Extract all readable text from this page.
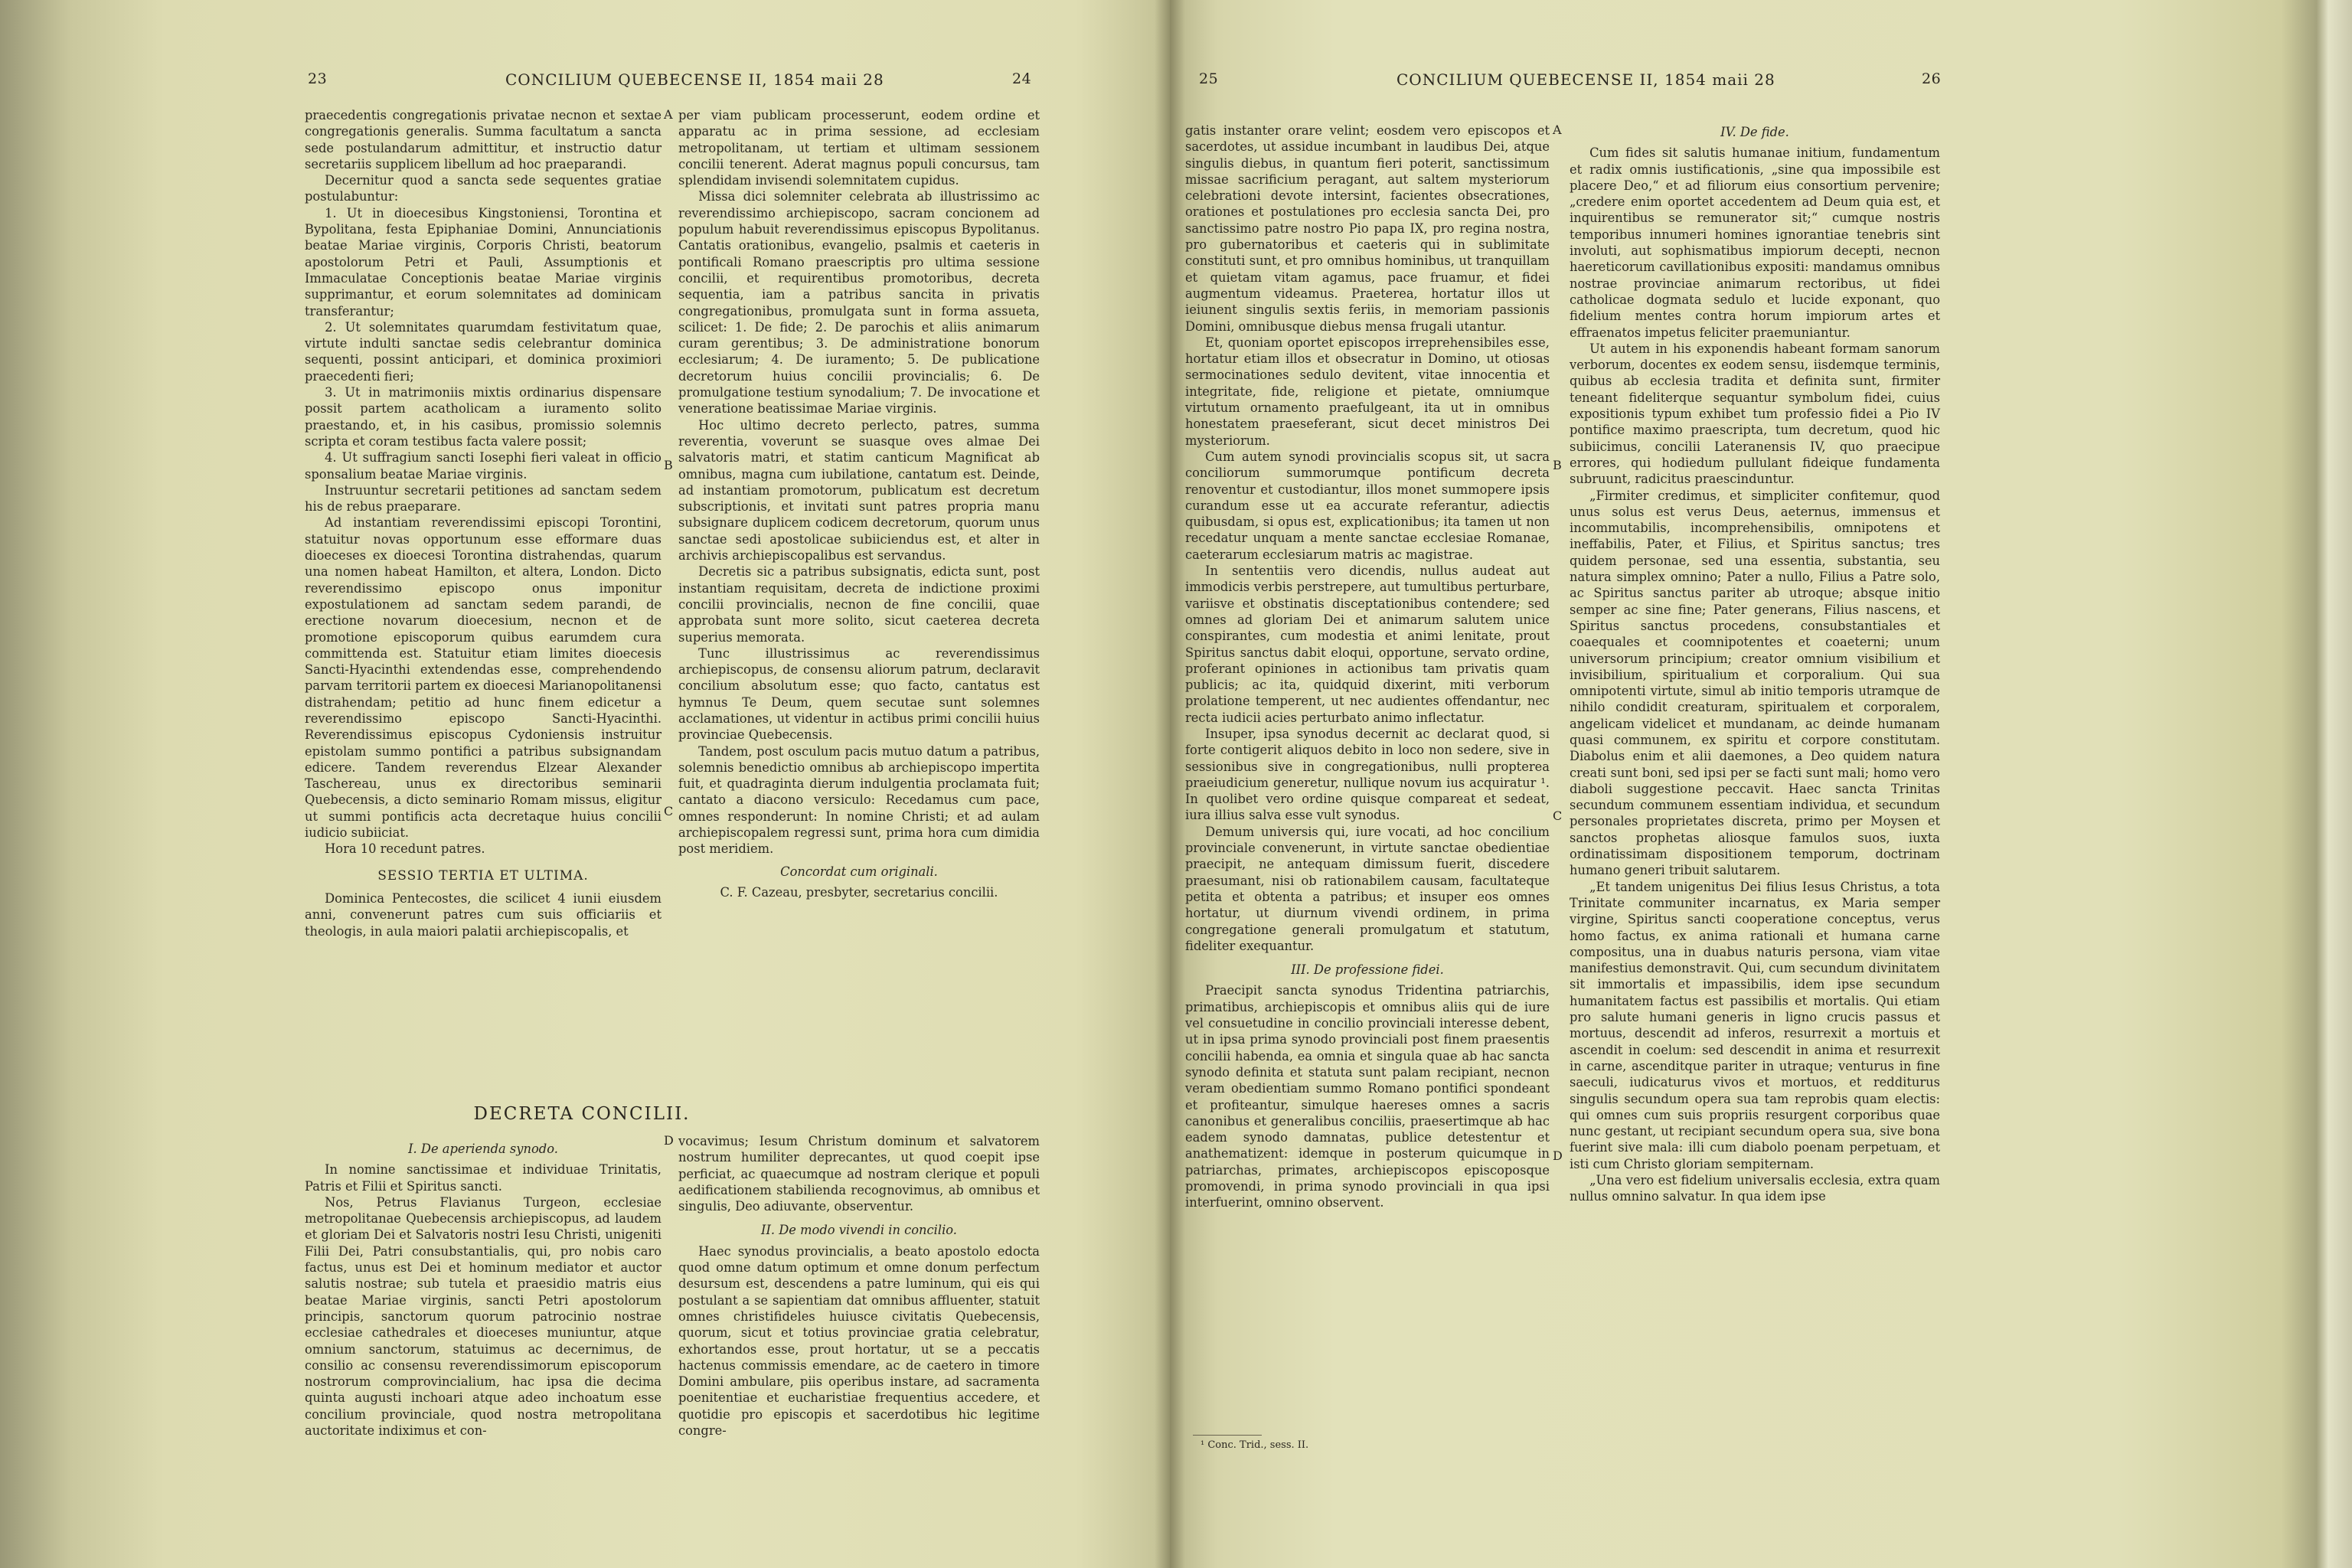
23	CONCILIUM QUEBECENSE II, 1854 maii 28	24

praecedentis congregationis privatae necnon et sextae congregationis generalis. Summa facultatum a sancta sede postulandarum admittitur, et instructio datur secretariis supplicem libellum ad hoc praeparandi.

Decernitur quod a sancta sede sequentes gratiae postulabuntur:

1. Ut in dioecesibus Kingstoniensi, Torontina et Bypolitana, festa Epiphaniae Domini, Annunciationis beatae Mariae virginis, Corporis Christi, beatorum apostolorum Petri et Pauli, Assumptionis et Immaculatae Conceptionis beatae Mariae virginis supprimantur, et eorum solemnitates ad dominicam transferantur;

2. Ut solemnitates quarumdam festivitatum quae, virtute indulti sanctae sedis celebrantur dominica sequenti, possint anticipari, et dominica proximiori praecedenti fieri;

3. Ut in matrimoniis mixtis ordinarius dispensare possit partem acatholicam a iuramento solito praestando, et, in his casibus, promissio solemnis scripta et coram testibus facta valere possit;

4. Ut suffragium sancti Iosephi fieri valeat in officio sponsalium beatae Mariae virginis.

Instruuntur secretarii petitiones ad sanctam sedem his de rebus praeparare.

Ad instantiam reverendissimi episcopi Torontini, statuitur novas opportunum esse efformare duas dioeceses ex dioecesi Torontina distrahendas, quarum una nomen habeat Hamilton, et altera, London. Dicto reverendissimo episcopo onus imponitur expostulationem ad sanctam sedem parandi, de erectione novarum dioecesium, necnon et de promotione episcoporum quibus earumdem cura committenda est. Statuitur etiam limites dioecesis Sancti-Hyacinthi extendendas esse, comprehendendo parvam territorii partem ex dioecesi Marianopolitanensi distrahendam; petitio ad hunc finem edicetur a reverendissimo episcopo Sancti-Hyacinthi. Reverendissimus episcopus Cydoniensis instruitur epistolam summo pontifici a patribus subsignandam edicere. Tandem reverendus Elzear Alexander Taschereau, unus ex directoribus seminarii Quebecensis, a dicto seminario Romam missus, eligitur ut summi pontificis acta decretaque huius concilii iudicio subiiciat.

Hora 10 recedunt patres.

SESSIO TERTIA ET ULTIMA.

Dominica Pentecostes, die scilicet 4 iunii eiusdem anni, convenerunt patres cum suis officiariis et theologis, in aula maiori palatii archiepiscopalis, et

per viam publicam processerunt, eodem ordine et apparatu ac in prima sessione, ad ecclesiam metropolitanam, ut tertiam et ultimam sessionem concilii tenerent. Aderat magnus populi concursus, tam splendidam invisendi solemnitatem cupidus.

Missa dici solemniter celebrata ab illustrissimo ac reverendissimo archiepiscopo, sacram concionem ad populum habuit reverendissimus episcopus Bypolitanus. Cantatis orationibus, evangelio, psalmis et caeteris in pontificali Romano praescriptis pro ultima sessione concilii, et requirentibus promotoribus, decreta sequentia, iam a patribus sancita in privatis congregationibus, promulgata sunt in forma assueta, scilicet: 1. De fide; 2. De parochis et aliis animarum curam gerentibus; 3. De administratione bonorum ecclesiarum; 4. De iuramento; 5. De publicatione decretorum huius concilii provincialis; 6. De promulgatione testium synodalium; 7. De invocatione et veneratione beatissimae Mariae virginis.

Hoc ultimo decreto perlecto, patres, summa reverentia, voverunt se suasque oves almae Dei salvatoris matri, et statim canticum Magnificat ab omnibus, magna cum iubilatione, cantatum est. Deinde, ad instantiam promotorum, publicatum est decretum subscriptionis, et invitati sunt patres propria manu subsignare duplicem codicem decretorum, quorum unus sanctae sedi apostolicae subiiciendus est, et alter in archivis archiepiscopalibus est servandus.

Decretis sic a patribus subsignatis, edicta sunt, post instantiam requisitam, decreta de indictione proximi concilii provincialis, necnon de fine concilii, quae approbata sunt more solito, sicut caeterea decreta superius memorata.

Tunc illustrissimus ac reverendissimus archiepiscopus, de consensu aliorum patrum, declaravit concilium absolutum esse; quo facto, cantatus est hymnus Te Deum, quem secutae sunt solemnes acclamationes, ut videntur in actibus primi concilii huius provinciae Quebecensis.

Tandem, post osculum pacis mutuo datum a patribus, solemnis benedictio omnibus ab archiepiscopo impertita fuit, et quadraginta dierum indulgentia proclamata fuit; cantato a diacono versiculo: Recedamus cum pace, omnes responderunt: In nomine Christi; et ad aulam archiepiscopalem regressi sunt, prima hora cum dimidia post meridiem.

Concordat cum originali.

C. F. Cazeau, presbyter, secretarius concilii.

DECRETA CONCILII.
I. De aperienda synodo.

In nomine sanctissimae et individuae Trinitatis, Patris et Filii et Spiritus sancti.

Nos, Petrus Flavianus Turgeon, ecclesiae metropolitanae Quebecensis archiepiscopus, ad laudem et gloriam Dei et Salvatoris nostri Iesu Christi, unigeniti Filii Dei, Patri consubstantialis, qui, pro nobis caro factus, unus est Dei et hominum mediator et auctor salutis nostrae; sub tutela et praesidio matris eius beatae Mariae virginis, sancti Petri apostolorum principis, sanctorum quorum patrocinio nostrae ecclesiae cathedrales et dioeceses muniuntur, atque omnium sanctorum, statuimus ac decernimus, de consilio ac consensu reverendissimorum episcoporum nostrorum comprovincialium, hac ipsa die decima quinta augusti inchoari atque adeo inchoatum esse concilium provinciale, quod nostra metropolitana auctoritate indiximus et con-

vocavimus; Iesum Christum dominum et salvatorem nostrum humiliter deprecantes, ut quod coepit ipse perficiat, ac quaecumque ad nostram clerique et populi aedificationem stabilienda recognovimus, ab omnibus et singulis, Deo adiuvante, observentur.

II. De modo vivendi in concilio.

Haec synodus provincialis, a beato apostolo edocta quod omne datum optimum et omne donum perfectum desursum est, descendens a patre luminum, qui eis qui postulant a se sapientiam dat omnibus affluenter, statuit omnes christifideles huiusce civitatis Quebecensis, quorum, sicut et totius provinciae gratia celebratur, exhortandos esse, prout hortatur, ut se a peccatis hactenus commissis emendare, ac de caetero in timore Domini ambulare, piis operibus instare, ad sacramenta poenitentiae et eucharistiae frequentius accedere, et quotidie pro episcopis et sacerdotibus hic legitime congre-

A
B
C
D
25	CONCILIUM QUEBECENSE II, 1854 maii 28	26

gatis instanter orare velint; eosdem vero episcopos et sacerdotes, ut assidue incumbant in laudibus Dei, atque singulis diebus, in quantum fieri poterit, sanctissimum missae sacrificium peragant, aut saltem mysteriorum celebrationi devote intersint, facientes obsecrationes, orationes et postulationes pro ecclesia sancta Dei, pro sanctissimo patre nostro Pio papa IX, pro regina nostra, pro gubernatoribus et caeteris qui in sublimitate constituti sunt, et pro omnibus hominibus, ut tranquillam et quietam vitam agamus, pace fruamur, et fidei augmentum videamus. Praeterea, hortatur illos ut ieiunent singulis sextis feriis, in memoriam passionis Domini, omnibusque diebus mensa frugali utantur.

Et, quoniam oportet episcopos irreprehensibiles esse, hortatur etiam illos et obsecratur in Domino, ut otiosas sermocinationes sedulo devitent, vitae innocentia et integritate, fide, religione et pietate, omniumque virtutum ornamento praefulgeant, ita ut in omnibus honestatem praeseferant, sicut decet ministros Dei mysteriorum.

Cum autem synodi provincialis scopus sit, ut sacra conciliorum summorumque pontificum decreta renoventur et custodiantur, illos monet summopere ipsis curandum esse ut ea accurate referantur, adiectis quibusdam, si opus est, explicationibus; ita tamen ut non recedatur unquam a mente sanctae ecclesiae Romanae, caeterarum ecclesiarum matris ac magistrae.

In sententiis vero dicendis, nullus audeat aut immodicis verbis perstrepere, aut tumultibus perturbare, variisve et obstinatis disceptationibus contendere; sed omnes ad gloriam Dei et animarum salutem unice conspirantes, cum modestia et animi lenitate, prout Spiritus sanctus dabit eloqui, opportune, servato ordine, proferant opiniones in actionibus tam privatis quam publicis; ac ita, quidquid dixerint, miti verborum prolatione temperent, ut nec audientes offendantur, nec recta iudicii acies perturbato animo inflectatur.

Insuper, ipsa synodus decernit ac declarat quod, si forte contigerit aliquos debito in loco non sedere, sive in sessionibus sive in congregationibus, nulli propterea praeiudicium generetur, nullique novum ius acquiratur ¹. In quolibet vero ordine quisque compareat et sedeat, iura illius salva esse vult synodus.

Demum universis qui, iure vocati, ad hoc concilium provinciale convenerunt, in virtute sanctae obedientiae praecipit, ne antequam dimissum fuerit, discedere praesumant, nisi ob rationabilem causam, facultateque petita et obtenta a patribus; et insuper eos omnes hortatur, ut diurnum vivendi ordinem, in prima congregatione generali promulgatum et statutum, fideliter exequantur.

III. De professione fidei.

Praecipit sancta synodus Tridentina patriarchis, primatibus, archiepiscopis et omnibus aliis qui de iure vel consuetudine in concilio provinciali interesse debent, ut in ipsa prima synodo provinciali post finem praesentis concilii habenda, ea omnia et singula quae ab hac sancta synodo definita et statuta sunt palam recipiant, necnon veram obedientiam summo Romano pontifici spondeant et profiteantur, simulque haereses omnes a sacris canonibus et generalibus conciliis, praesertimque ab hac eadem synodo damnatas, publice detestentur et anathematizent: idemque in posterum quicumque in patriarchas, primates, archiepiscopos episcoposque promovendi, in prima synodo provinciali in qua ipsi interfuerint, omnino observent.

¹ Conc. Trid., sess. II.
IV. De fide.

Cum fides sit salutis humanae initium, fundamentum et radix omnis iustificationis, „sine qua impossibile est placere Deo,“ et ad filiorum eius consortium pervenire; „credere enim oportet accedentem ad Deum quia est, et inquirentibus se remunerator sit;“ cumque nostris temporibus innumeri homines ignorantiae tenebris sint involuti, aut sophismatibus impiorum decepti, necnon haereticorum cavillationibus expositi: mandamus omnibus nostrae provinciae animarum rectoribus, ut fidei catholicae dogmata sedulo et lucide exponant, quo fidelium mentes contra horum impiorum artes et effraenatos impetus feliciter praemuniantur.

Ut autem in his exponendis habeant formam sanorum verborum, docentes ex eodem sensu, iisdemque terminis, quibus ab ecclesia tradita et definita sunt, firmiter teneant fideliterque sequantur symbolum fidei, cuius expositionis typum exhibet tum professio fidei a Pio IV pontifice maximo praescripta, tum decretum, quod hic subiicimus, concilii Lateranensis IV, quo praecipue errores, qui hodiedum pullulant fideique fundamenta subruunt, radicitus praescinduntur.

„Firmiter credimus, et simpliciter confitemur, quod unus solus est verus Deus, aeternus, immensus et incommutabilis, incomprehensibilis, omnipotens et ineffabilis, Pater, et Filius, et Spiritus sanctus; tres quidem personae, sed una essentia, substantia, seu natura simplex omnino; Pater a nullo, Filius a Patre solo, ac Spiritus sanctus pariter ab utroque; absque initio semper ac sine fine; Pater generans, Filius nascens, et Spiritus sanctus procedens, consubstantiales et coaequales et coomnipotentes et coaeterni; unum universorum principium; creator omnium visibilium et invisibilium, spiritualium et corporalium. Qui sua omnipotenti virtute, simul ab initio temporis utramque de nihilo condidit creaturam, spiritualem et corporalem, angelicam videlicet et mundanam, ac deinde humanam quasi communem, ex spiritu et corpore constitutam. Diabolus enim et alii daemones, a Deo quidem natura creati sunt boni, sed ipsi per se facti sunt mali; homo vero diaboli suggestione peccavit. Haec sancta Trinitas secundum communem essentiam individua, et secundum personales proprietates discreta, primo per Moysen et sanctos prophetas aliosque famulos suos, iuxta ordinatissimam dispositionem temporum, doctrinam humano generi tribuit salutarem.

„Et tandem unigenitus Dei filius Iesus Christus, a tota Trinitate communiter incarnatus, ex Maria semper virgine, Spiritus sancti cooperatione conceptus, verus homo factus, ex anima rationali et humana carne compositus, una in duabus naturis persona, viam vitae manifestius demonstravit. Qui, cum secundum divinitatem sit immortalis et impassibilis, idem ipse secundum humanitatem factus est passibilis et mortalis. Qui etiam pro salute humani generis in ligno crucis passus et mortuus, descendit ad inferos, resurrexit a mortuis et ascendit in coelum: sed descendit in anima et resurrexit in carne, ascenditque pariter in utraque; venturus in fine saeculi, iudicaturus vivos et mortuos, et redditurus singulis secundum opera sua tam reprobis quam electis: qui omnes cum suis propriis resurgent corporibus quae nunc gestant, ut recipiant secundum opera sua, sive bona fuerint sive mala: illi cum diabolo poenam perpetuam, et isti cum Christo gloriam sempiternam.

„Una vero est fidelium universalis ecclesia, extra quam nullus omnino salvatur. In qua idem ipse

A
B
C
D
